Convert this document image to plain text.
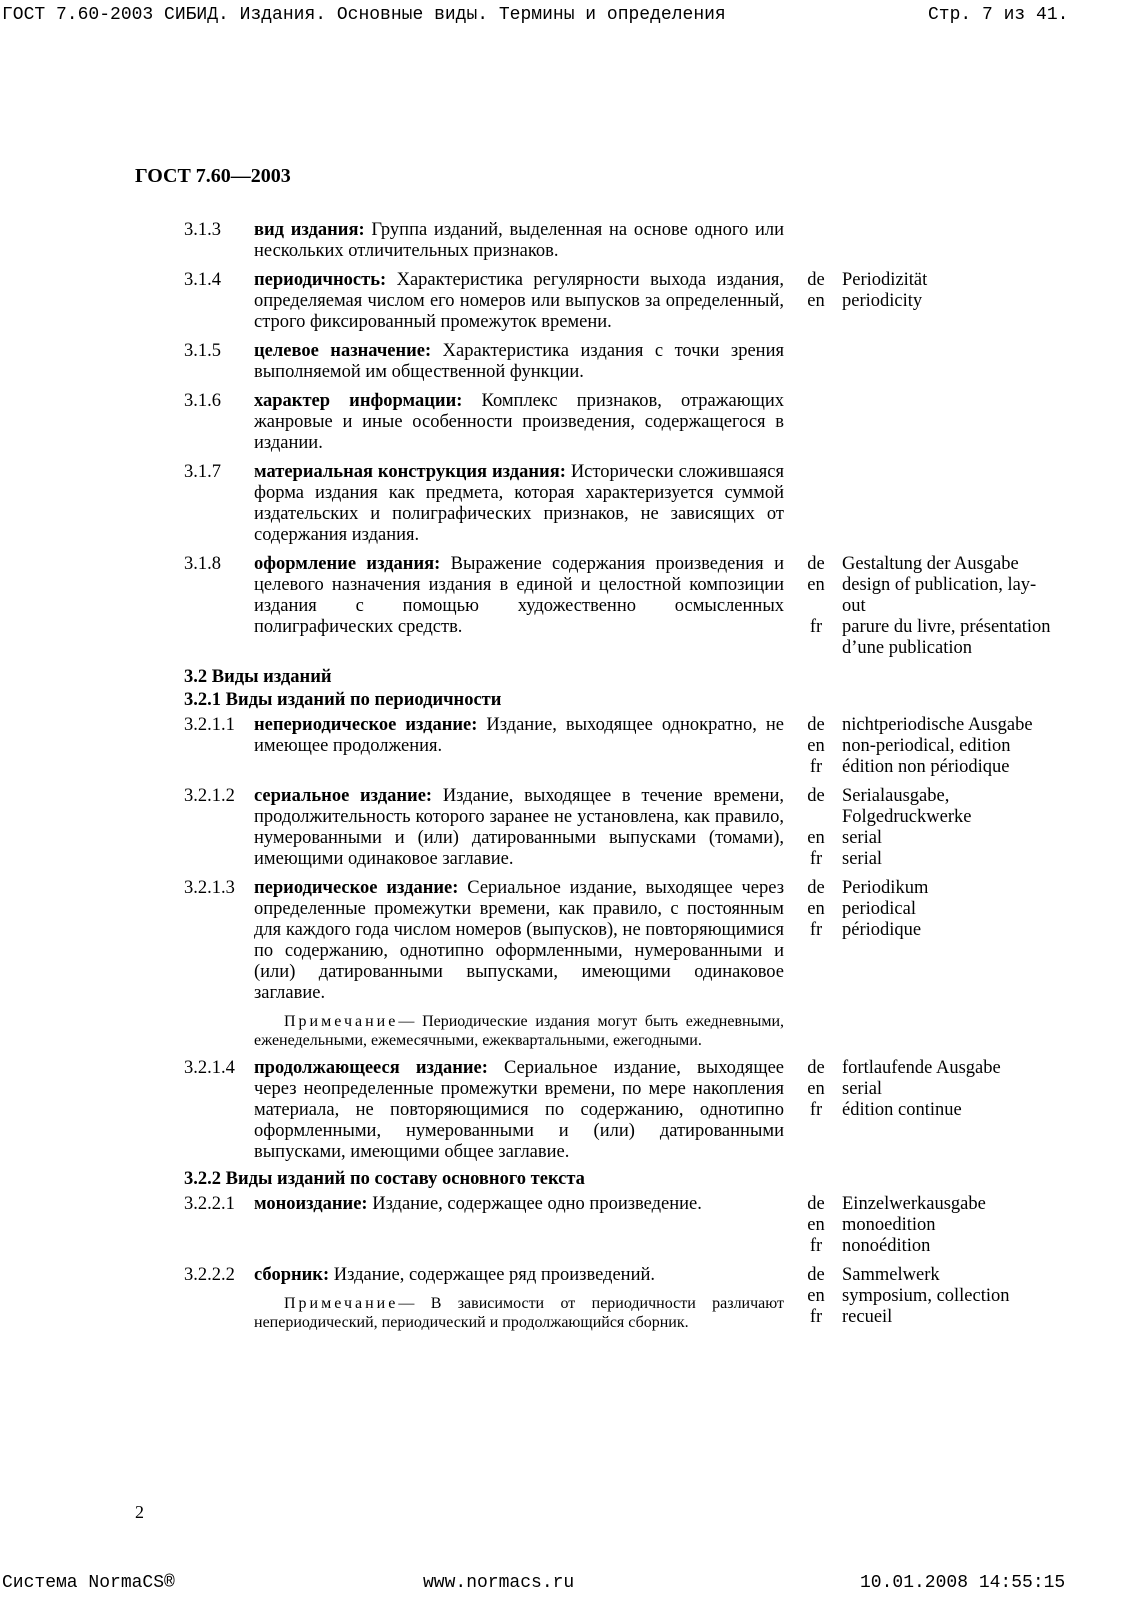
ГОСТ 7.60-2003 СИБИД. Издания. Основные виды. Термины и определения	Стр. 7 из 41.
ГОСТ 7.60—2003
3.1.3	вид издания: Группа изданий, выделенная на основе одного или нескольких отличительных признаков.
3.1.4	периодичность: Характеристика регулярности выхода издания, определяемая числом его номеров или выпусков за определенный, строго фиксированный промежуток времени.
de Periodizität
en periodicity
3.1.5	целевое назначение: Характеристика издания с точки зрения выполняемой им общественной функции.
3.1.6	характер информации: Комплекс признаков, отражающих жанровые и иные особенности произведения, содержащегося в издании.
3.1.7	материальная конструкция издания: Исторически сложившаяся форма издания как предмета, которая характеризуется суммой издательских и полиграфических признаков, не зависящих от содержания издания.
3.1.8	оформление издания: Выражение содержания произведения и целевого назначения издания в единой и целостной композиции издания с помощью художественно осмысленных полиграфических средств.
de Gestaltung der Ausgabe
en design of publication, lay-out
fr	parure du livre, présentation d’une publication
3.2 Виды изданий
3.2.1 Виды изданий по периодичности
3.2.1.1	непериодическое издание: Издание, выходящее однократно, не имеющее продолжения.
de nichtperiodische Ausgabe
en non-periodical, edition
fr	édition non périodique
3.2.1.2	сериальное издание: Издание, выходящее в течение времени, продолжительность которого заранее не установлена, как правило, нумерованными и (или) датированными выпусками (томами), имеющими одинаковое заглавие.
de Serialausgabe, Folgedruckwerke
en serial
fr	serial
3.2.1.3	периодическое издание: Сериальное издание, выходящее через определенные промежутки времени, как правило, с постоянным для каждого года числом номеров (выпусков), не повторяющимися по содержанию, однотипно оформленными, нумерованными и (или) датированными выпусками, имеющими одинаковое заглавие.
Примечание— Периодические издания могут быть ежедневными, еженедельными, ежемесячными, ежеквартальными, ежегодными.
de Periodikum
en periodical
fr	périodique
3.2.1.4	продолжающееся издание: Сериальное издание, выходящее через неопределенные промежутки времени, по мере накопления материала, не повторяющимися по содержанию, однотипно оформленными, нумерованными и (или) датированными выпусками, имеющими общее заглавие.
de fortlaufende Ausgabe
en serial
fr	édition continue
3.2.2 Виды изданий по составу основного текста
3.2.2.1	моноиздание: Издание, содержащее одно произведение.	de Einzelwerkausgabe
en monoedition
fr	nonoédition
3.2.2.2	сборник: Издание, содержащее ряд произведений.
Примечание— В зависимости от периодичности различают непериодический, периодический и продолжающийся сборник.
de Sammelwerk
en symposium, collection
fr	recueil
2
Система NormaCS®	www.normacs.ru	10.01.2008 14:55:15
